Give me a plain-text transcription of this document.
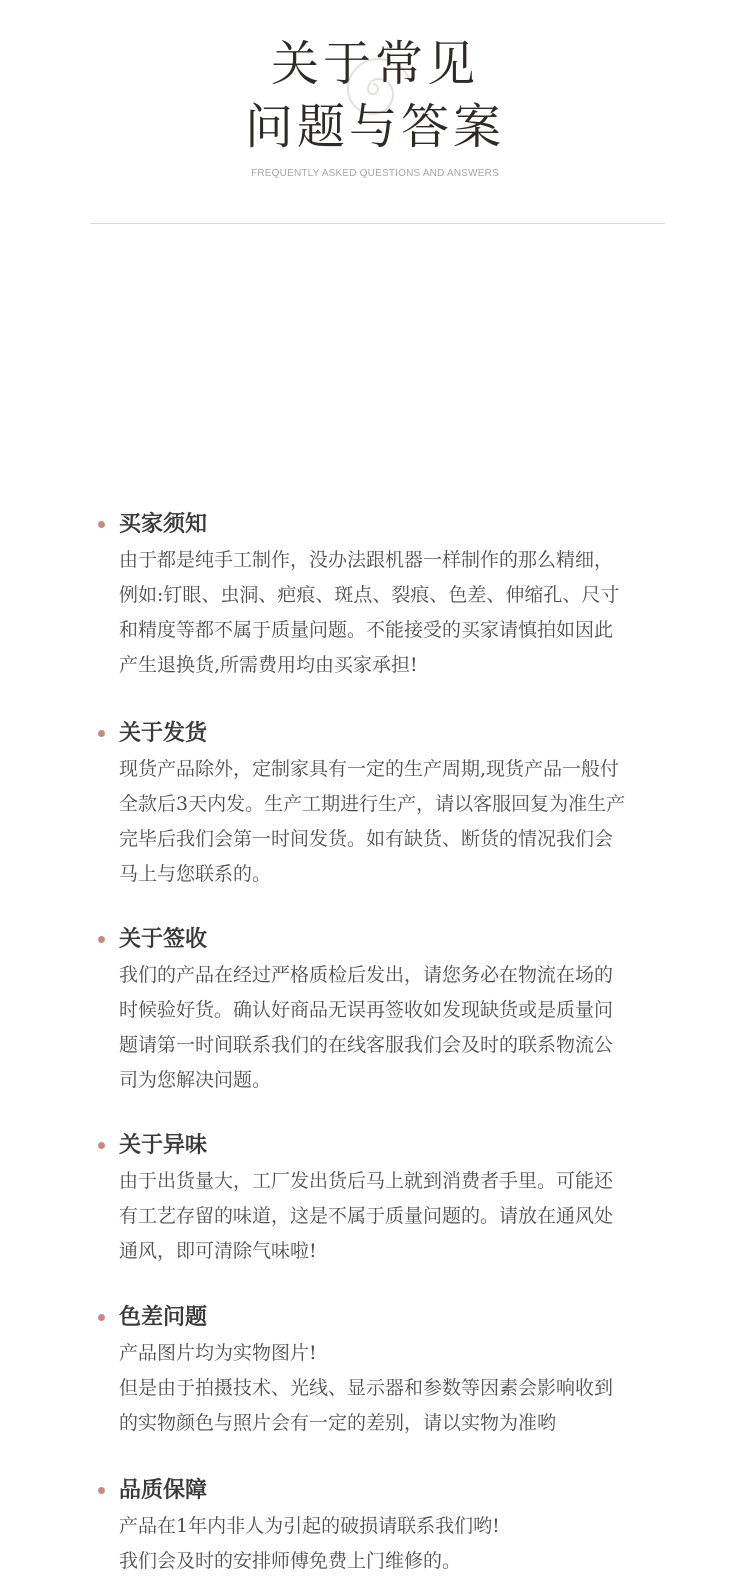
关于常见
问题与答案
FREQUENTLY ASKED QUESTIONS AND ANSWERS
买家须知
由于都是纯手工制作，没办法跟机器一样制作的那么精细，
例如:钉眼、虫洞、疤痕、斑点、裂痕、色差、伸缩孔、尺寸
和精度等都不属于质量问题。不能接受的买家请慎拍如因此
产生退换货,所需费用均由买家承担!
关于发货
现货产品除外，定制家具有一定的生产周期,现货产品一般付
全款后3天内发。生产工期进行生产，请以客服回复为准生产
完毕后我们会第一时间发货。如有缺货、断货的情况我们会
马上与您联系的。
关于签收
我们的产品在经过严格质检后发出，请您务必在物流在场的
时候验好货。确认好商品无误再签收如发现缺货或是质量问
题请第一时间联系我们的在线客服我们会及时的联系物流公
司为您解决问题。
关于异味
由于出货量大，工厂发出货后马上就到消费者手里。可能还
有工艺存留的味道，这是不属于质量问题的。请放在通风处
通风，即可清除气味啦!
色差问题
产品图片均为实物图片!
但是由于拍摄技术、光线、显示器和参数等因素会影响收到
的实物颜色与照片会有一定的差别，请以实物为准哟
品质保障
产品在1年内非人为引起的破损请联系我们哟!
我们会及时的安排师傅免费上门维修的。
